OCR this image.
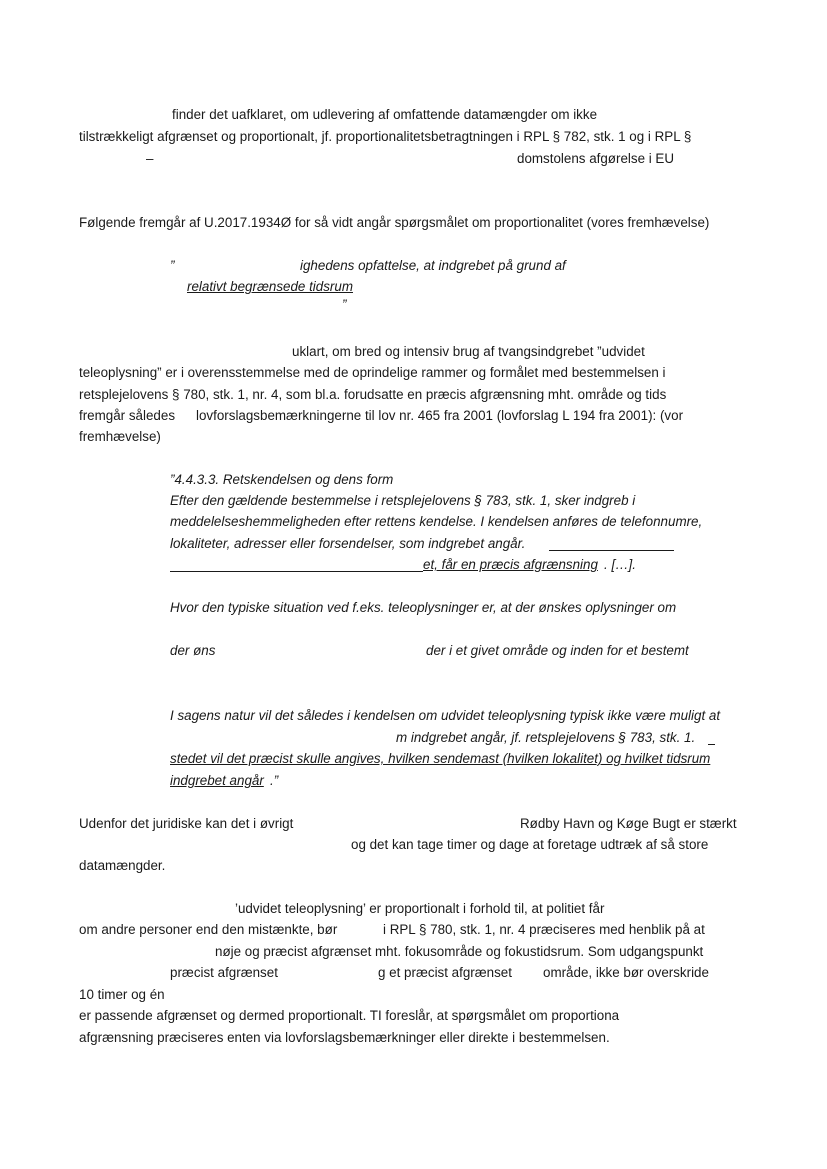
finder det uafklaret, om udlevering af omfattende datamængder om ikke
tilstrækkeligt afgrænset og proportionalt, jf. proportionalitetsbetragtningen i RPL § 782, stk. 1 og i RPL §
–	domstolens afgørelse i EU
Følgende fremgår af U.2017.1934Ø for så vidt angår spørgsmålet om proportionalitet (vores fremhævelse)
”	ighedens opfattelse, at indgrebet på grund af
relativt begrænsede tidsrum
”
uklart, om bred og intensiv brug af tvangsindgrebet ”udvidet
teleoplysning” er i overensstemmelse med de oprindelige rammer og formålet med bestemmelsen i
retsplejelovens § 780, stk. 1, nr. 4, som bl.a. forudsatte en præcis afgrænsning mht. område og tids
fremgår således lovforslagsbemærkningerne til lov nr. 465 fra 2001 (lovforslag L 194 fra 2001): (vor
fremhævelse)
”4.4.3.3. Retskendelsen og dens form
Efter den gældende bestemmelse i retsplejelovens § 783, stk. 1, sker indgreb i
meddelelseshemmeligheden efter rettens kendelse. I kendelsen anføres de telefonnumre,
lokaliteter, adresser eller forsendelser, som indgrebet angår.
et, får en præcis afgrænsning . […].
Hvor den typiske situation ved f.eks. teleoplysninger er, at der ønskes oplysninger om
der øns	der i et givet område og inden for et bestemt
I sagens natur vil det således i kendelsen om udvidet teleoplysning typisk ikke være muligt at
m indgrebet angår, jf. retsplejelovens § 783, stk. 1.
stedet vil det præcist skulle angives, hvilken sendemast (hvilken lokalitet) og hvilket tidsrum
indgrebet angår .”
Udenfor det juridiske kan det i øvrigt	Rødby Havn og Køge Bugt er stærkt
og det kan tage timer og dage at foretage udtræk af så store
datamængder.
’udvidet teleoplysning’ er proportionalt i forhold til, at politiet får
om andre personer end den mistænkte, bør	i RPL § 780, stk. 1, nr. 4 præciseres med henblik på at
nøje og præcist afgrænset mht. fokusområde og fokustidsrum. Som udgangspunkt
præcist afgrænset	g et præcist afgrænset område, ikke bør overskride
10 timer og én
er passende afgrænset og dermed proportionalt. TI foreslår, at spørgsmålet om proportiona
afgrænsning præciseres enten via lovforslagsbemærkninger eller direkte i bestemmelsen.
